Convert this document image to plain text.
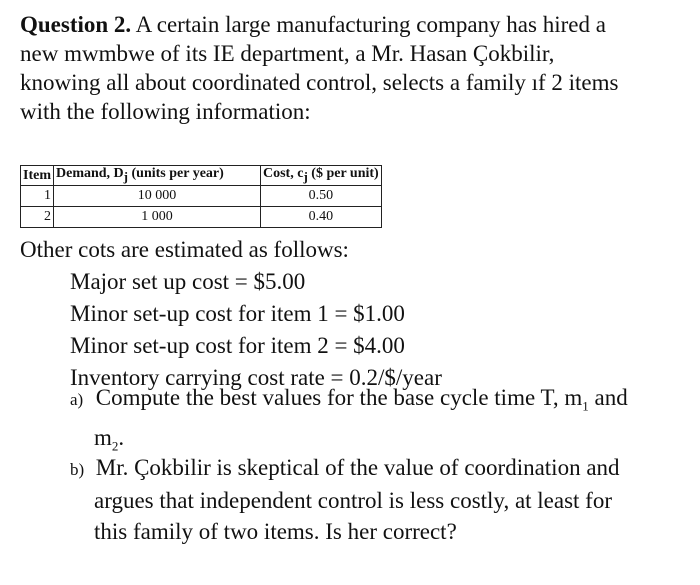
Question 2. A certain large manufacturing company has hired a
new mwmbwe of its IE department, a Mr. Hasan Çokbilir,
knowing all about coordinated control, selects a family ıf 2 items
with the following information:
Item	Demand, $D_j$ (units per year)	Cost, $c_j$ ($ per unit)
1	10 000	0.50
2	1 000	0.40
Other cots are estimated as follows:
Major set up cost = $5.00
Minor set-up cost for item 1 = $1.00
Minor set-up cost for item 2 = $4.00
Inventory carrying cost rate = 0.2/$/year
a) Compute the best values for the base cycle time T, $m_1$ and
$m_2$.
b) Mr. Çokbilir is skeptical of the value of coordination and
argues that independent control is less costly, at least for
this family of two items. Is her correct?
